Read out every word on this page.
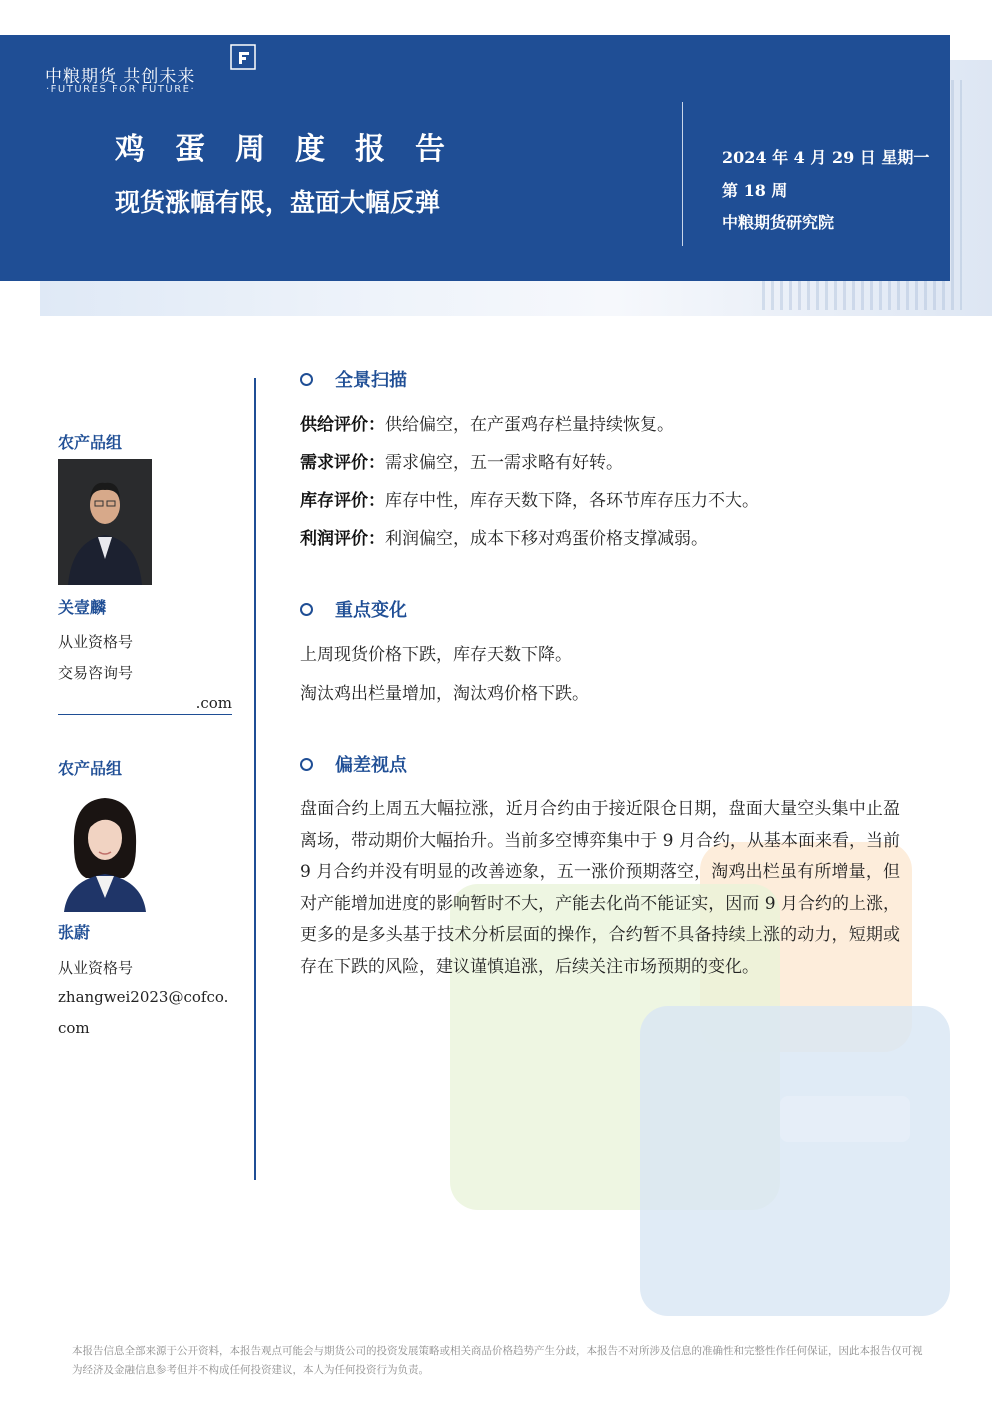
中粮期货 共创未来
·FUTURES FOR FUTURE·
鸡蛋周度报告
现货涨幅有限，盘面大幅反弹
2024 年 4 月 29 日 星期一
第 18 周
中粮期货研究院
农产品组
关壹麟
从业资格号
交易咨询号
.com
农产品组
张蔚
从业资格号
zhangwei2023@cofco.
com
全景扫描
供给评价：供给偏空，在产蛋鸡存栏量持续恢复。
需求评价：需求偏空，五一需求略有好转。
库存评价：库存中性，库存天数下降，各环节库存压力不大。
利润评价：利润偏空，成本下移对鸡蛋价格支撑减弱。
重点变化
上周现货价格下跌，库存天数下降。
淘汰鸡出栏量增加，淘汰鸡价格下跌。
偏差视点
盘面合约上周五大幅拉涨，近月合约由于接近限仓日期，盘面大量空头集中止盈离场，带动期价大幅抬升。当前多空博弈集中于 9 月合约，从基本面来看，当前 9 月合约并没有明显的改善迹象，五一涨价预期落空，淘鸡出栏虽有所增量，但对产能增加进度的影响暂时不大，产能去化尚不能证实，因而 9 月合约的上涨，更多的是多头基于技术分析层面的操作，合约暂不具备持续上涨的动力，短期或存在下跌的风险，建议谨慎追涨，后续关注市场预期的变化。
本报告信息全部来源于公开资料，本报告观点可能会与期货公司的投资发展策略或相关商品价格趋势产生分歧，本报告不对所涉及信息的准确性和完整性作任何保证，因此本报告仅可视为经济及金融信息参考但并不构成任何投资建议，本人为任何投资行为负责。
